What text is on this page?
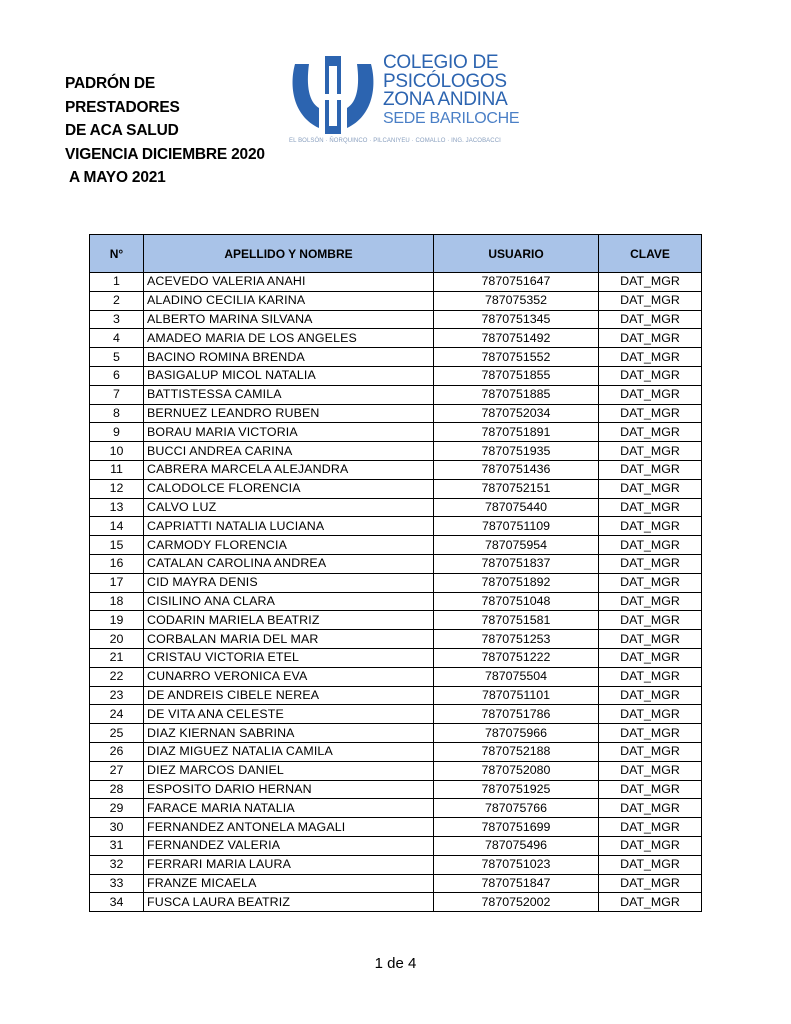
PADRÓN DE
PRESTADORES
DE ACA SALUD
VIGENCIA DICIEMBRE 2020
A MAYO 2021
COLEGIO DE
PSICÓLOGOS
ZONA ANDINA
SEDE BARILOCHE
EL BOLSÓN · ÑORQUINCO · PILCANIYEU · COMALLO · ING. JACOBACCI
N°	APELLIDO Y NOMBRE	USUARIO	CLAVE
1	ACEVEDO VALERIA ANAHI	7870751647	DAT_MGR
2	ALADINO CECILIA KARINA	787075352	DAT_MGR
3	ALBERTO MARINA SILVANA	7870751345	DAT_MGR
4	AMADEO MARIA DE LOS ANGELES	7870751492	DAT_MGR
5	BACINO ROMINA BRENDA	7870751552	DAT_MGR
6	BASIGALUP MICOL NATALIA	7870751855	DAT_MGR
7	BATTISTESSA CAMILA	7870751885	DAT_MGR
8	BERNUEZ LEANDRO RUBEN	7870752034	DAT_MGR
9	BORAU MARIA VICTORIA	7870751891	DAT_MGR
10	BUCCI ANDREA CARINA	7870751935	DAT_MGR
11	CABRERA MARCELA ALEJANDRA	7870751436	DAT_MGR
12	CALODOLCE FLORENCIA	7870752151	DAT_MGR
13	CALVO LUZ	787075440	DAT_MGR
14	CAPRIATTI NATALIA LUCIANA	7870751109	DAT_MGR
15	CARMODY FLORENCIA	787075954	DAT_MGR
16	CATALAN CAROLINA ANDREA	7870751837	DAT_MGR
17	CID MAYRA DENIS	7870751892	DAT_MGR
18	CISILINO ANA CLARA	7870751048	DAT_MGR
19	CODARIN MARIELA BEATRIZ	7870751581	DAT_MGR
20	CORBALAN MARIA DEL MAR	7870751253	DAT_MGR
21	CRISTAU VICTORIA ETEL	7870751222	DAT_MGR
22	CUNARRO VERONICA EVA	787075504	DAT_MGR
23	DE ANDREIS CIBELE NEREA	7870751101	DAT_MGR
24	DE VITA ANA CELESTE	7870751786	DAT_MGR
25	DIAZ KIERNAN SABRINA	787075966	DAT_MGR
26	DIAZ MIGUEZ NATALIA CAMILA	7870752188	DAT_MGR
27	DIEZ MARCOS DANIEL	7870752080	DAT_MGR
28	ESPOSITO DARIO HERNAN	7870751925	DAT_MGR
29	FARACE MARIA NATALIA	787075766	DAT_MGR
30	FERNANDEZ ANTONELA MAGALI	7870751699	DAT_MGR
31	FERNANDEZ VALERIA	787075496	DAT_MGR
32	FERRARI MARIA LAURA	7870751023	DAT_MGR
33	FRANZE MICAELA	7870751847	DAT_MGR
34	FUSCA LAURA BEATRIZ	7870752002	DAT_MGR
1 de 4
